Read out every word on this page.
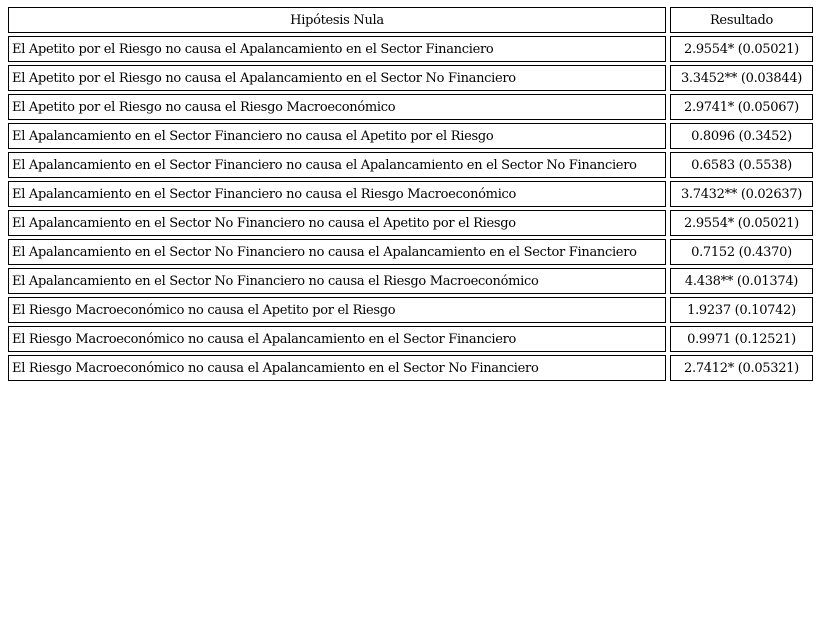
Hipótesis Nula	Resultado
El Apetito por el Riesgo no causa el Apalancamiento en el Sector Financiero	2.9554* (0.05021)
El Apetito por el Riesgo no causa el Apalancamiento en el Sector No Financiero	3.3452** (0.03844)
El Apetito por el Riesgo no causa el Riesgo Macroeconómico	2.9741* (0.05067)
El Apalancamiento en el Sector Financiero no causa el Apetito por el Riesgo	0.8096 (0.3452)
El Apalancamiento en el Sector Financiero no causa el Apalancamiento en el Sector No Financiero	0.6583 (0.5538)
El Apalancamiento en el Sector Financiero no causa el Riesgo Macroeconómico	3.7432** (0.02637)
El Apalancamiento en el Sector No Financiero no causa el Apetito por el Riesgo	2.9554* (0.05021)
El Apalancamiento en el Sector No Financiero no causa el Apalancamiento en el Sector Financiero	0.7152 (0.4370)
El Apalancamiento en el Sector No Financiero no causa el Riesgo Macroeconómico	4.438** (0.01374)
El Riesgo Macroeconómico no causa el Apetito por el Riesgo	1.9237 (0.10742)
El Riesgo Macroeconómico no causa el Apalancamiento en el Sector Financiero	0.9971 (0.12521)
El Riesgo Macroeconómico no causa el Apalancamiento en el Sector No Financiero	2.7412* (0.05321)
